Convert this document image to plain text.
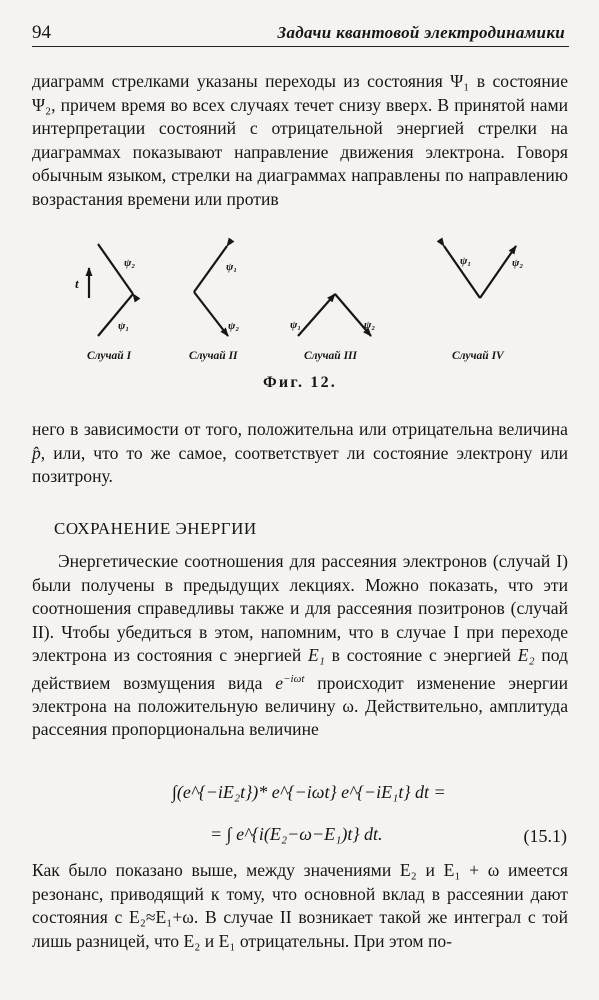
94	Задачи квантовой электродинамики

диаграмм стрелками указаны переходы из состояния Ψ₁ в состояние Ψ₂, причем время во всех случаях течет снизу вверх. В принятой нами интерпретации состояний с отрицательной энергией стрелки на диаграммах показывают направление движения электрона. Говоря обычным языком, стрелки на диаграммах направлены по направлению возрастания времени или против

t
ψ₂
ψ₁
ψ₁
ψ₂	ψ₁	ψ₂
ψ₁	ψ₂
Случай I	Случай II	Случай III	Случай IV
Фиг. 12.

него в зависимости от того, положительна или отрицательна величина p̂, или, что то же самое, соответствует ли состояние электрону или позитрону.

СОХРАНЕНИЕ ЭНЕРГИИ

Энергетические соотношения для рассеяния электронов (случай I) были получены в предыдущих лекциях. Можно показать, что эти соотношения справедливы также и для рассеяния позитронов (случай II). Чтобы убедиться в этом, напомним, что в случае I при переходе электрона из состояния с энергией E₁ в состояние с энергией E₂ под действием возмущения вида $e^{-i\omega t}$ происходит изменение энергии электрона на положительную величину ω. Действительно, амплитуда рассеяния пропорциональна величине

∫(e^{−iE₂t})* e^{−iωt} e^{−iE₁t} dt =
= ∫ e^{i(E₂−ω−E₁)t} dt.	(15.1)

Как было показано выше, между значениями E₂ и E₁ + ω имеется резонанс, приводящий к тому, что основной вклад в рассеянии дают состояния с E₂≈E₁+ω. В случае II возникает такой же интеграл с той лишь разницей, что E₂ и E₁ отрицательны. При этом по-
